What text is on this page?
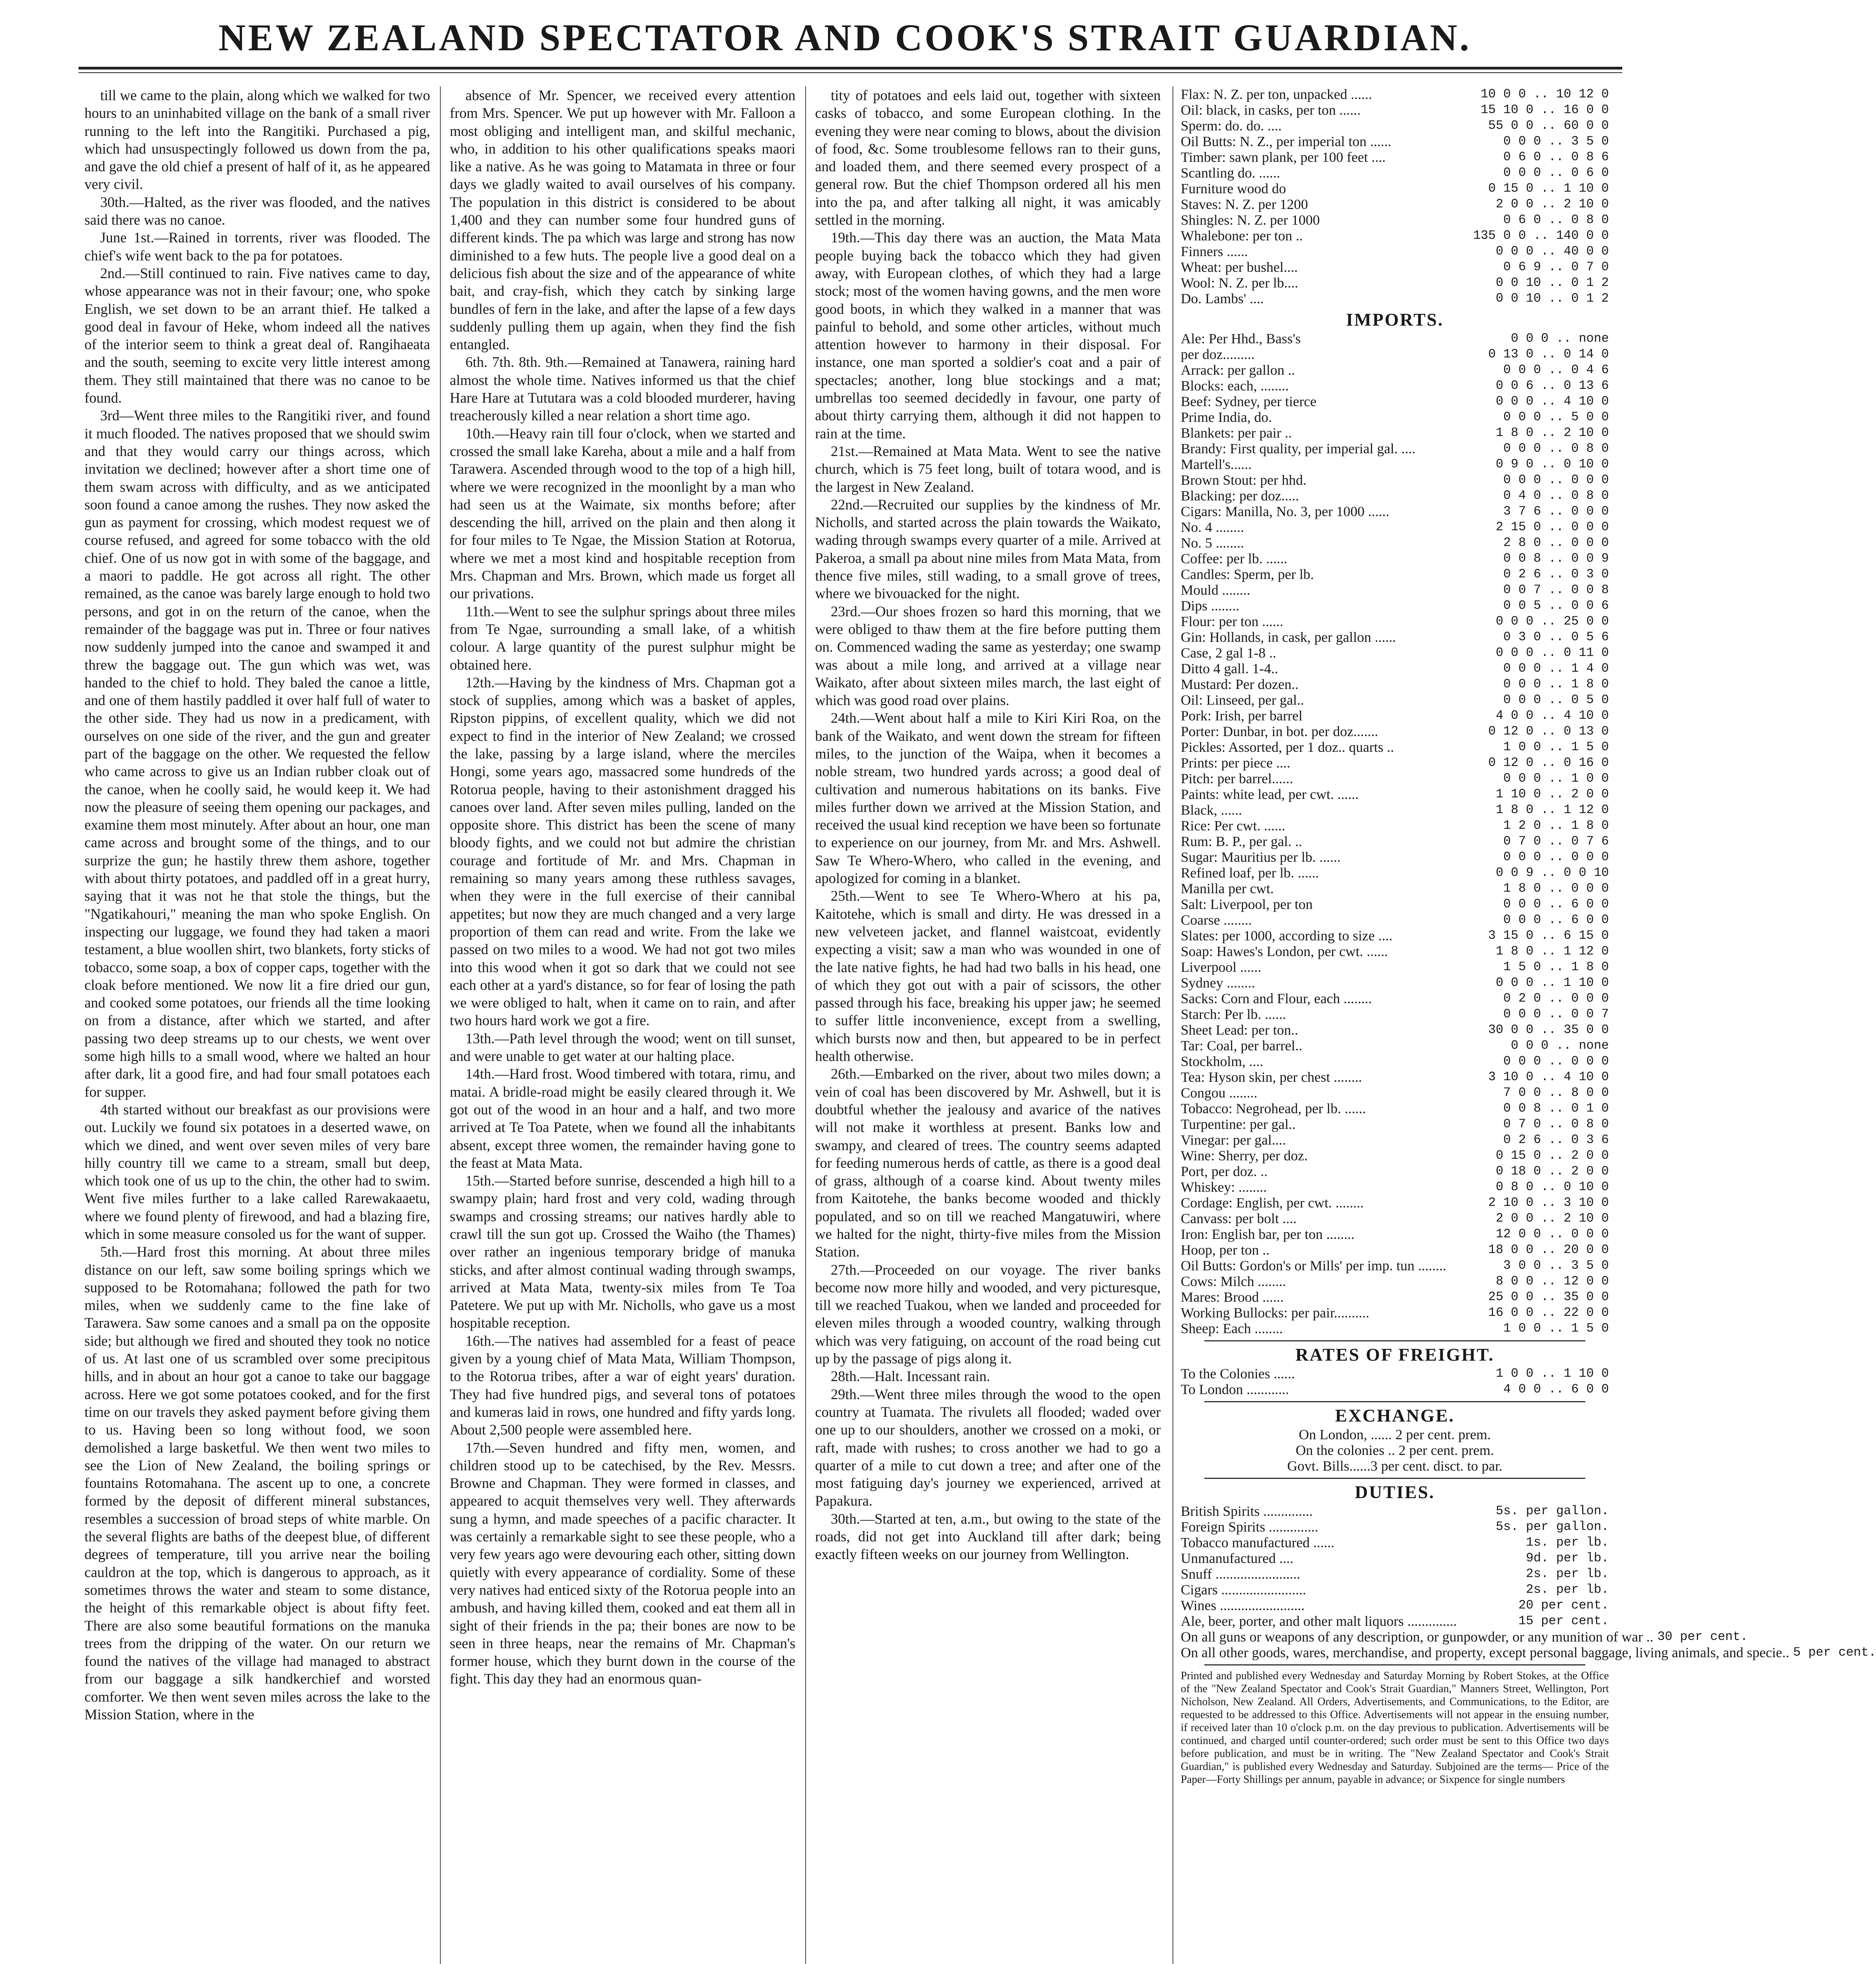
NEW ZEALAND SPECTATOR AND COOK'S STRAIT GUARDIAN.

till we came to the plain, along which we walked for two hours to an uninhabited village on the bank of a small river running to the left into the Rangitiki. Purchased a pig, which had unsuspectingly followed us down from the pa, and gave the old chief a present of half of it, as he appeared very civil.

30th.—Halted, as the river was flooded, and the natives said there was no canoe.

June 1st.—Rained in torrents, river was flooded. The chief's wife went back to the pa for potatoes.

2nd.—Still continued to rain. Five natives came to day, whose appearance was not in their favour; one, who spoke English, we set down to be an arrant thief. He talked a good deal in favour of Heke, whom indeed all the natives of the interior seem to think a great deal of. Rangihaeata and the south, seeming to excite very little interest among them. They still maintained that there was no canoe to be found.

3rd—Went three miles to the Rangitiki river, and found it much flooded. The natives proposed that we should swim and that they would carry our things across, which invitation we declined; however after a short time one of them swam across with difficulty, and as we anticipated soon found a canoe among the rushes. They now asked the gun as payment for crossing, which modest request we of course refused, and agreed for some tobacco with the old chief. One of us now got in with some of the baggage, and a maori to paddle. He got across all right. The other remained, as the canoe was barely large enough to hold two persons, and got in on the return of the canoe, when the remainder of the baggage was put in. Three or four natives now suddenly jumped into the canoe and swamped it and threw the baggage out. The gun which was wet, was handed to the chief to hold. They baled the canoe a little, and one of them hastily paddled it over half full of water to the other side. They had us now in a predicament, with ourselves on one side of the river, and the gun and greater part of the baggage on the other. We requested the fellow who came across to give us an Indian rubber cloak out of the canoe, when he coolly said, he would keep it. We had now the pleasure of seeing them opening our packages, and examine them most minutely. After about an hour, one man came across and brought some of the things, and to our surprize the gun; he hastily threw them ashore, together with about thirty potatoes, and paddled off in a great hurry, saying that it was not he that stole the things, but the "Ngatikahouri," meaning the man who spoke English. On inspecting our luggage, we found they had taken a maori testament, a blue woollen shirt, two blankets, forty sticks of tobacco, some soap, a box of copper caps, together with the cloak before mentioned. We now lit a fire dried our gun, and cooked some potatoes, our friends all the time looking on from a distance, after which we started, and after passing two deep streams up to our chests, we went over some high hills to a small wood, where we halted an hour after dark, lit a good fire, and had four small potatoes each for supper.

4th started without our breakfast as our provisions were out. Luckily we found six potatoes in a deserted wawe, on which we dined, and went over seven miles of very bare hilly country till we came to a stream, small but deep, which took one of us up to the chin, the other had to swim. Went five miles further to a lake called Rarewakaaetu, where we found plenty of firewood, and had a blazing fire, which in some measure consoled us for the want of supper.

5th.—Hard frost this morning. At about three miles distance on our left, saw some boiling springs which we supposed to be Rotomahana; followed the path for two miles, when we suddenly came to the fine lake of Tarawera. Saw some canoes and a small pa on the opposite side; but although we fired and shouted they took no notice of us. At last one of us scrambled over some precipitous hills, and in about an hour got a canoe to take our baggage across. Here we got some potatoes cooked, and for the first time on our travels they asked payment before giving them to us. Having been so long without food, we soon demolished a large basketful. We then went two miles to see the Lion of New Zealand, the boiling springs or fountains Rotomahana. The ascent up to one, a concrete formed by the deposit of different mineral substances, resembles a succession of broad steps of white marble. On the several flights are baths of the deepest blue, of different degrees of temperature, till you arrive near the boiling cauldron at the top, which is dangerous to approach, as it sometimes throws the water and steam to some distance, the height of this remarkable object is about fifty feet. There are also some beautiful formations on the manuka trees from the dripping of the water. On our return we found the natives of the village had managed to abstract from our baggage a silk handkerchief and worsted comforter. We then went seven miles across the lake to the Mission Station, where in the

absence of Mr. Spencer, we received every attention from Mrs. Spencer. We put up however with Mr. Falloon a most obliging and intelligent man, and skilful mechanic, who, in addition to his other qualifications speaks maori like a native. As he was going to Matamata in three or four days we gladly waited to avail ourselves of his company. The population in this district is considered to be about 1,400 and they can number some four hundred guns of different kinds. The pa which was large and strong has now diminished to a few huts. The people live a good deal on a delicious fish about the size and of the appearance of white bait, and cray-fish, which they catch by sinking large bundles of fern in the lake, and after the lapse of a few days suddenly pulling them up again, when they find the fish entangled.

6th. 7th. 8th. 9th.—Remained at Tanawera, raining hard almost the whole time. Natives informed us that the chief Hare Hare at Tututara was a cold blooded murderer, having treacherously killed a near relation a short time ago.

10th.—Heavy rain till four o'clock, when we started and crossed the small lake Kareha, about a mile and a half from Tarawera. Ascended through wood to the top of a high hill, where we were recognized in the moonlight by a man who had seen us at the Waimate, six months before; after descending the hill, arrived on the plain and then along it for four miles to Te Ngae, the Mission Station at Rotorua, where we met a most kind and hospitable reception from Mrs. Chapman and Mrs. Brown, which made us forget all our privations.

11th.—Went to see the sulphur springs about three miles from Te Ngae, surrounding a small lake, of a whitish colour. A large quantity of the purest sulphur might be obtained here.

12th.—Having by the kindness of Mrs. Chapman got a stock of supplies, among which was a basket of apples, Ripston pippins, of excellent quality, which we did not expect to find in the interior of New Zealand; we crossed the lake, passing by a large island, where the merciles Hongi, some years ago, massacred some hundreds of the Rotorua people, having to their astonishment dragged his canoes over land. After seven miles pulling, landed on the opposite shore. This district has been the scene of many bloody fights, and we could not but admire the christian courage and fortitude of Mr. and Mrs. Chapman in remaining so many years among these ruthless savages, when they were in the full exercise of their cannibal appetites; but now they are much changed and a very large proportion of them can read and write. From the lake we passed on two miles to a wood. We had not got two miles into this wood when it got so dark that we could not see each other at a yard's distance, so for fear of losing the path we were obliged to halt, when it came on to rain, and after two hours hard work we got a fire.

13th.—Path level through the wood; went on till sunset, and were unable to get water at our halting place.

14th.—Hard frost. Wood timbered with totara, rimu, and matai. A bridle-road might be easily cleared through it. We got out of the wood in an hour and a half, and two more arrived at Te Toa Patete, when we found all the inhabitants absent, except three women, the remainder having gone to the feast at Mata Mata.

15th.—Started before sunrise, descended a high hill to a swampy plain; hard frost and very cold, wading through swamps and crossing streams; our natives hardly able to crawl till the sun got up. Crossed the Waiho (the Thames) over rather an ingenious temporary bridge of manuka sticks, and after almost continual wading through swamps, arrived at Mata Mata, twenty-six miles from Te Toa Patetere. We put up with Mr. Nicholls, who gave us a most hospitable reception.

16th.—The natives had assembled for a feast of peace given by a young chief of Mata Mata, William Thompson, to the Rotorua tribes, after a war of eight years' duration. They had five hundred pigs, and several tons of potatoes and kumeras laid in rows, one hundred and fifty yards long. About 2,500 people were assembled here.

17th.—Seven hundred and fifty men, women, and children stood up to be catechised, by the Rev. Messrs. Browne and Chapman. They were formed in classes, and appeared to acquit themselves very well. They afterwards sung a hymn, and made speeches of a pacific character. It was certainly a remarkable sight to see these people, who a very few years ago were devouring each other, sitting down quietly with every appearance of cordiality. Some of these very natives had enticed sixty of the Rotorua people into an ambush, and having killed them, cooked and eat them all in sight of their friends in the pa; their bones are now to be seen in three heaps, near the remains of Mr. Chapman's former house, which they burnt down in the course of the fight. This day they had an enormous quan-

tity of potatoes and eels laid out, together with sixteen casks of tobacco, and some European clothing. In the evening they were near coming to blows, about the division of food, &c. Some troublesome fellows ran to their guns, and loaded them, and there seemed every prospect of a general row. But the chief Thompson ordered all his men into the pa, and after talking all night, it was amicably settled in the morning.

19th.—This day there was an auction, the Mata Mata people buying back the tobacco which they had given away, with European clothes, of which they had a large stock; most of the women having gowns, and the men wore good boots, in which they walked in a manner that was painful to behold, and some other articles, without much attention however to harmony in their disposal. For instance, one man sported a soldier's coat and a pair of spectacles; another, long blue stockings and a mat; umbrellas too seemed decidedly in favour, one party of about thirty carrying them, although it did not happen to rain at the time.

21st.—Remained at Mata Mata. Went to see the native church, which is 75 feet long, built of totara wood, and is the largest in New Zealand.

22nd.—Recruited our supplies by the kindness of Mr. Nicholls, and started across the plain towards the Waikato, wading through swamps every quarter of a mile. Arrived at Pakeroa, a small pa about nine miles from Mata Mata, from thence five miles, still wading, to a small grove of trees, where we bivouacked for the night.

23rd.—Our shoes frozen so hard this morning, that we were obliged to thaw them at the fire before putting them on. Commenced wading the same as yesterday; one swamp was about a mile long, and arrived at a village near Waikato, after about sixteen miles march, the last eight of which was good road over plains.

24th.—Went about half a mile to Kiri Kiri Roa, on the bank of the Waikato, and went down the stream for fifteen miles, to the junction of the Waipa, when it becomes a noble stream, two hundred yards across; a good deal of cultivation and numerous habitations on its banks. Five miles further down we arrived at the Mission Station, and received the usual kind reception we have been so fortunate to experience on our journey, from Mr. and Mrs. Ashwell. Saw Te Whero-Whero, who called in the evening, and apologized for coming in a blanket.

25th.—Went to see Te Whero-Whero at his pa, Kaitotehe, which is small and dirty. He was dressed in a new velveteen jacket, and flannel waistcoat, evidently expecting a visit; saw a man who was wounded in one of the late native fights, he had had two balls in his head, one of which they got out with a pair of scissors, the other passed through his face, breaking his upper jaw; he seemed to suffer little inconvenience, except from a swelling, which bursts now and then, but appeared to be in perfect health otherwise.

26th.—Embarked on the river, about two miles down; a vein of coal has been discovered by Mr. Ashwell, but it is doubtful whether the jealousy and avarice of the natives will not make it worthless at present. Banks low and swampy, and cleared of trees. The country seems adapted for feeding numerous herds of cattle, as there is a good deal of grass, although of a coarse kind. About twenty miles from Kaitotehe, the banks become wooded and thickly populated, and so on till we reached Mangatuwiri, where we halted for the night, thirty-five miles from the Mission Station.

27th.—Proceeded on our voyage. The river banks become now more hilly and wooded, and very picturesque, till we reached Tuakou, when we landed and proceeded for eleven miles through a wooded country, walking through which was very fatiguing, on account of the road being cut up by the passage of pigs along it.

28th.—Halt. Incessant rain.

29th.—Went three miles through the wood to the open country at Tuamata. The rivulets all flooded; waded over one up to our shoulders, another we crossed on a moki, or raft, made with rushes; to cross another we had to go a quarter of a mile to cut down a tree; and after one of the most fatiguing day's journey we experienced, arrived at Papakura.

30th.—Started at ten, a.m., but owing to the state of the roads, did not get into Auckland till after dark; being exactly fifteen weeks on our journey from Wellington.

Flax: N. Z. per ton, unpacked ......	10 0 0 .. 10 12 0
Oil: black, in casks, per ton ......	15 10 0 .. 16 0 0
Sperm: do. do. ....	55 0 0 .. 60 0 0
Oil Butts: N. Z., per imperial ton ......	0 0 0 .. 3 5 0
Timber: sawn plank, per 100 feet ....	0 6 0 .. 0 8 6
Scantling do. ......	0 0 0 .. 0 6 0
Furniture wood do	0 15 0 .. 1 10 0
Staves: N. Z. per 1200	2 0 0 .. 2 10 0
Shingles: N. Z. per 1000	0 6 0 .. 0 8 0
Whalebone: per ton ..	135 0 0 .. 140 0 0
Finners ......	0 0 0 .. 40 0 0
Wheat: per bushel....	0 6 9 .. 0 7 0
Wool: N. Z. per lb....	0 0 10 .. 0 1 2
Do. Lambs' ....	0 0 10 .. 0 1 2
IMPORTS.
Ale: Per Hhd., Bass's	0 0 0 .. none
per doz.........	0 13 0 .. 0 14 0
Arrack: per gallon ..	0 0 0 .. 0 4 6
Blocks: each, ........	0 0 6 .. 0 13 6
Beef: Sydney, per tierce	0 0 0 .. 4 10 0
Prime India, do.	0 0 0 .. 5 0 0
Blankets: per pair ..	1 8 0 .. 2 10 0
Brandy: First quality, per imperial gal. ....	0 0 0 .. 0 8 0
Martell's......	0 9 0 .. 0 10 0
Brown Stout: per hhd.	0 0 0 .. 0 0 0
Blacking: per doz.....	0 4 0 .. 0 8 0
Cigars: Manilla, No. 3, per 1000 ......	3 7 6 .. 0 0 0
No. 4 ........	2 15 0 .. 0 0 0
No. 5 ........	2 8 0 .. 0 0 0
Coffee: per lb. ......	0 0 8 .. 0 0 9
Candles: Sperm, per lb.	0 2 6 .. 0 3 0
Mould ........	0 0 7 .. 0 0 8
Dips ........	0 0 5 .. 0 0 6
Flour: per ton ......	0 0 0 .. 25 0 0
Gin: Hollands, in cask, per gallon ......	0 3 0 .. 0 5 6
Case, 2 gal 1-8 ..	0 0 0 .. 0 11 0
Ditto 4 gall. 1-4..	0 0 0 .. 1 4 0
Mustard: Per dozen..	0 0 0 .. 1 8 0
Oil: Linseed, per gal..	0 0 0 .. 0 5 0
Pork: Irish, per barrel	4 0 0 .. 4 10 0
Porter: Dunbar, in bot. per doz.......	0 12 0 .. 0 13 0
Pickles: Assorted, per 1 doz.. quarts ..	1 0 0 .. 1 5 0
Prints: per piece ....	0 12 0 .. 0 16 0
Pitch: per barrel......	0 0 0 .. 1 0 0
Paints: white lead, per cwt. ......	1 10 0 .. 2 0 0
Black, ......	1 8 0 .. 1 12 0
Rice: Per cwt. ......	1 2 0 .. 1 8 0
Rum: B. P., per gal. ..	0 7 0 .. 0 7 6
Sugar: Mauritius per lb. ......	0 0 0 .. 0 0 0
Refined loaf, per lb. ......	0 0 9 .. 0 0 10
Manilla per cwt.	1 8 0 .. 0 0 0
Salt: Liverpool, per ton	0 0 0 .. 6 0 0
Coarse ........	0 0 0 .. 6 0 0
Slates: per 1000, according to size ....	3 15 0 .. 6 15 0
Soap: Hawes's London, per cwt. ......	1 8 0 .. 1 12 0
Liverpool ......	1 5 0 .. 1 8 0
Sydney ........	0 0 0 .. 1 10 0
Sacks: Corn and Flour, each ........	0 2 0 .. 0 0 0
Starch: Per lb. ......	0 0 0 .. 0 0 7
Sheet Lead: per ton..	30 0 0 .. 35 0 0
Tar: Coal, per barrel..	0 0 0 .. none
Stockholm, ....	0 0 0 .. 0 0 0
Tea: Hyson skin, per chest ........	3 10 0 .. 4 10 0
Congou ........	7 0 0 .. 8 0 0
Tobacco: Negrohead, per lb. ......	0 0 8 .. 0 1 0
Turpentine: per gal..	0 7 0 .. 0 8 0
Vinegar: per gal....	0 2 6 .. 0 3 6
Wine: Sherry, per doz.	0 15 0 .. 2 0 0
Port, per doz. ..	0 18 0 .. 2 0 0
Whiskey: ........	0 8 0 .. 0 10 0
Cordage: English, per cwt. ........	2 10 0 .. 3 10 0
Canvass: per bolt ....	2 0 0 .. 2 10 0
Iron: English bar, per ton ........	12 0 0 .. 0 0 0
Hoop, per ton ..	18 0 0 .. 20 0 0
Oil Butts: Gordon's or Mills' per imp. tun ........	3 0 0 .. 3 5 0
Cows: Milch ........	8 0 0 .. 12 0 0
Mares: Brood ......	25 0 0 .. 35 0 0
Working Bullocks: per pair..........	16 0 0 .. 22 0 0
Sheep: Each ........	1 0 0 .. 1 5 0
RATES OF FREIGHT.
To the Colonies ......	1 0 0 .. 1 10 0
To London ............	4 0 0 .. 6 0 0
EXCHANGE.
On London, ...... 2 per cent. prem.
On the colonies .. 2 per cent. prem.
Govt. Bills......3 per cent. disct. to par.
DUTIES.
British Spirits ..............	5s. per gallon.
Foreign Spirits ..............	5s. per gallon.
Tobacco manufactured ......	1s. per lb.
Unmanufactured ....	9d. per lb.
Snuff ........................	2s. per lb.
Cigars ........................	2s. per lb.
Wines ........................	20 per cent.
Ale, beer, porter, and other malt liquors ..............	15 per cent.
On all guns or weapons of any description, or gunpowder, or any munition of war .. 30 per cent.
On all other goods, wares, merchandise, and property, except personal baggage, living animals, and specie.. 5 per cent.
Printed and published every Wednesday and Saturday Morning by Robert Stokes, at the Office of the "New Zealand Spectator and Cook's Strait Guardian," Manners Street, Wellington, Port Nicholson, New Zealand. All Orders, Advertisements, and Communications, to the Editor, are requested to be addressed to this Office. Advertisements will not appear in the ensuing number, if received later than 10 o'clock p.m. on the day previous to publication. Advertisements will be continued, and charged until counter-ordered; such order must be sent to this Office two days before publication, and must be in writing. The "New Zealand Spectator and Cook's Strait Guardian," is published every Wednesday and Saturday. Subjoined are the terms— Price of the Paper—Forty Shillings per annum, payable in advance; or Sixpence for single numbers
